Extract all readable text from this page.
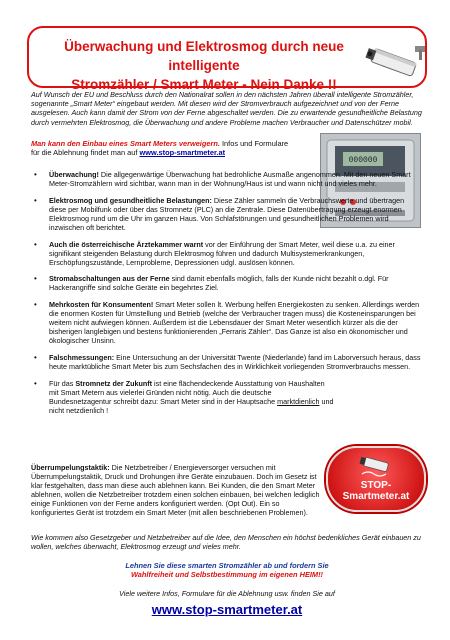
Überwachung und Elektrosmog durch neue intelligente
Stromzähler / Smart Meter - Nein Danke !!
Auf Wunsch der EU und Beschluss durch den Nationalrat sollen in den nächsten Jahren überall intelligente Stromzähler, sogenannte „Smart Meter“ eingebaut werden. Mit diesen wird der Stromverbrauch aufgezeichnet und von der Ferne ausgelesen. Auch kann damit der Strom von der Ferne abgeschaltet werden. Die zu erwartende gesundheitliche Belastung durch vermehrten Elektrosmog, die Überwachung und andere Probleme machen Verbraucher und Datenschützer mobil.
Man kann den Einbau eines Smart Meters verweigern. Infos und Formulare für die Ablehnung findet man auf www.stop-smartmeter.at
000000
• Überwachung! Die allgegenwärtige Überwachung hat bedrohliche Ausmaße angenommen. Mit den neuen Smart Meter-Stromzählern wird sichtbar, wann man in der Wohnung/Haus ist und wann nicht und vieles mehr.
• Elektrosmog und gesundheitliche Belastungen: Diese Zähler sammeln die Verbrauchswerte und übertragen diese per Mobilfunk oder über das Stromnetz (PLC) an die Zentrale. Diese Datenübertragung erzeugt enormen Elektrosmog rund um die Uhr im ganzen Haus. Von Schlafstörungen und gesundheitlichen Problemen wird inzwischen oft berichtet.
• Auch die österreichische Ärztekammer warnt vor der Einführung der Smart Meter, weil diese u.a. zu einer signifikant steigenden Belastung durch Elektrosmog führen und dadurch Multisystemerkrankungen, Erschöpfungszustände, Lernprobleme, Depressionen udgl. auslösen können.
• Stromabschaltungen aus der Ferne sind damit ebenfalls möglich, falls der Kunde nicht bezahlt o.dgl. Für Hackerangriffe sind solche Geräte ein begehrtes Ziel.
• Mehrkosten für Konsumenten! Smart Meter sollen lt. Werbung helfen Energiekosten zu senken. Allerdings werden die enormen Kosten für Umstellung und Betrieb (welche der Verbraucher tragen muss) die Kosteneinsparungen bei weitem nicht aufwiegen können. Außerdem ist die Lebensdauer der Smart Meter wesentlich kürzer als die der bisherigen langlebigen und bestens funktionierenden „Ferraris Zähler“. Das Ganze ist also ein ökonomischer und ökologischer Unsinn.
• Falschmessungen: Eine Untersuchung an der Universität Twente (Niederlande) fand im Laborversuch heraus, dass heute marktübliche Smart Meter bis zum Sechsfachen des in Wirklichkeit vorliegenden Stromverbrauchs messen.
• Für das Stromnetz der Zukunft ist eine flächendeckende Ausstattung von Haushalten mit Smart Metern aus vielerlei Gründen nicht nötig. Auch die deutsche Bundesnetzagentur schreibt dazu: Smart Meter sind in der Hauptsache marktdienlich und nicht netzdienlich !
STOP-Smartmeter.at
Überrumpelungstaktik: Die Netzbetreiber / Energieversorger versuchen mit Überrumpelungstaktik, Druck und Drohungen ihre Geräte einzubauen. Doch im Gesetz ist klar festgehalten, dass man diese auch ablehnen kann. Bei Kunden, die den Smart Meter ablehnen, wollen die Netzbetreiber trotzdem einen solchen einbauen, bei welchen lediglich einige Funktionen von der Ferne anders konfiguriert werden. (Opt Out). Ein so konfiguriertes Gerät ist trotzdem ein Smart Meter (mit allen beschriebenen Problemen).
Wie kommen also Gesetzgeber und Netzbetreiber auf die Idee, den Menschen ein höchst bedenkliches Gerät einbauen zu wollen, welches überwacht, Elektrosmog erzeugt und vieles mehr.
Lehnen Sie diese smarten Stromzähler ab und fordern Sie
Wahlfreiheit und Selbstbestimmung im eigenen HEIM!!
Viele weitere Infos, Formulare für die Ablehnung usw. finden Sie auf
www.stop-smartmeter.at
